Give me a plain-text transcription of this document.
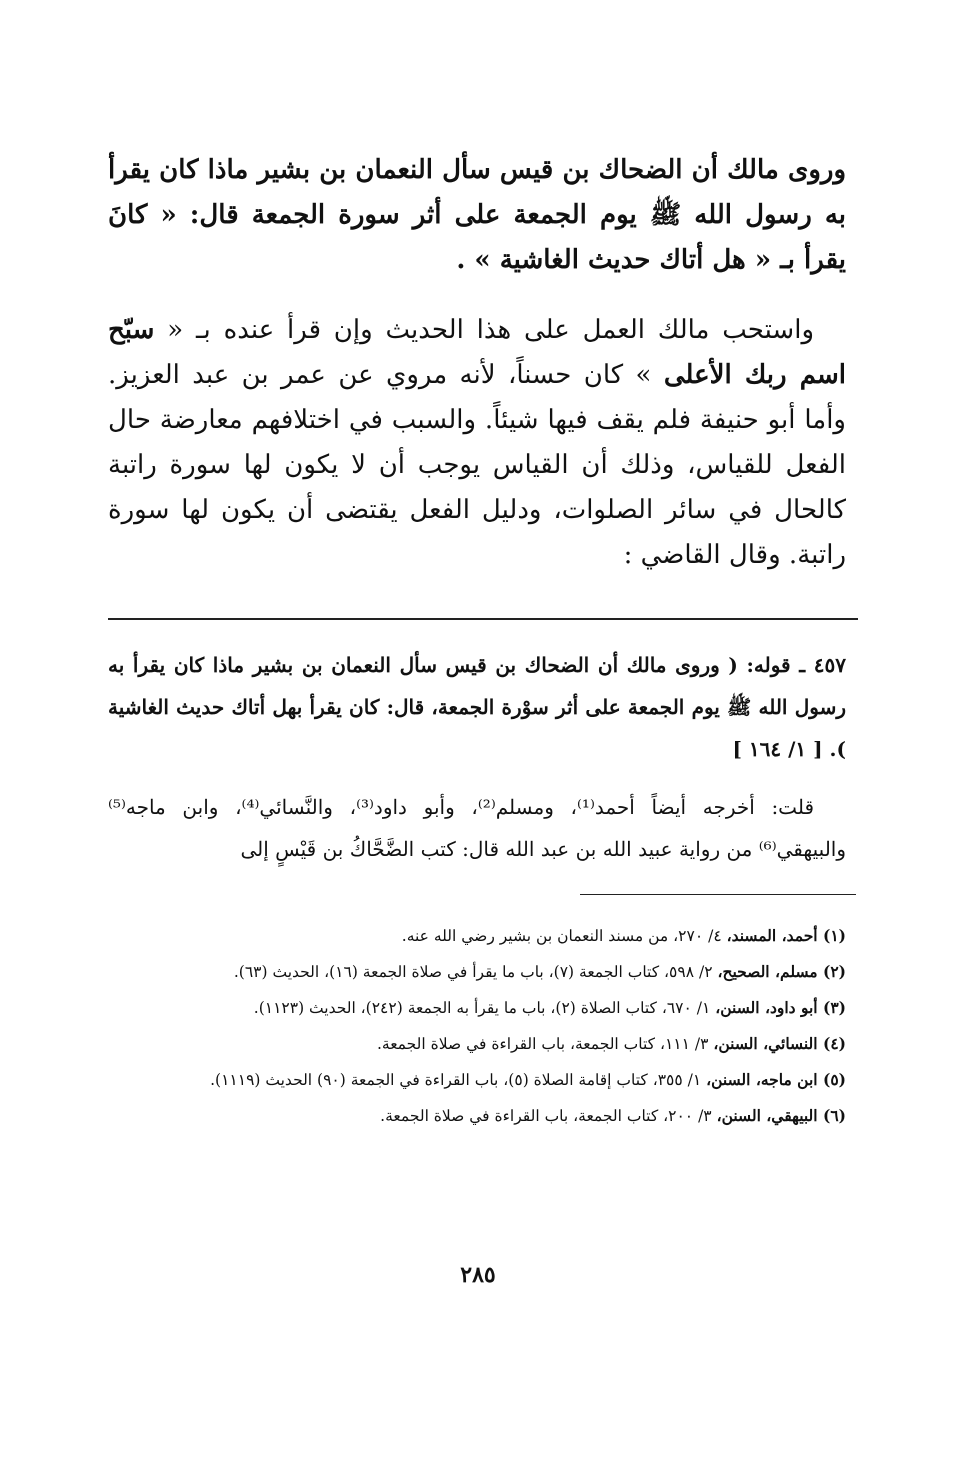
وروى مالك أن الضحاك بن قيس سأل النعمان بن بشير ماذا كان يقرأ به رسول الله ﷺ يوم الجمعة على أثر سورة الجمعة قال: « كانَ يقرأ بـ « هل أتاك حديث الغاشية » .

واستحب مالك العمل على هذا الحديث وإن قرأ عنده بـ « سبّح اسم ربك الأعلى » كان حسناً، لأنه مروي عن عمر بن عبد العزيز. وأما أبو حنيفة فلم يقف فيها شيئاً. والسبب في اختلافهم معارضة حال الفعل للقياس، وذلك أن القياس يوجب أن لا يكون لها سورة راتبة كالحال في سائر الصلوات، ودليل الفعل يقتضى أن يكون لها سورة راتبة. وقال القاضي :

٤٥٧ ـ قوله: ( وروى مالك أن الضحاك بن قيس سأل النعمان بن بشير ماذا كان يقرأ به رسول الله ﷺ يوم الجمعة على أثر سوْرة الجمعة، قال: كان يقرأ بهل أتاك حديث الغاشية ). [ ١/ ١٦٤ ]

قلت: أخرجه أيضاً أحمد⁽¹⁾، ومسلم⁽²⁾، وأبو داود⁽³⁾، والنَّسائي⁽⁴⁾، وابن ماجه⁽⁵⁾ والبيهقي⁽⁶⁾ من رواية عبيد الله بن عبد الله قال: كتب الضَّحَّاكُ بن قَيْسٍ إلى

(١) أحمد، المسند، ٤/ ٢٧٠، من مسند النعمان بن بشير رضي الله عنه.

(٢) مسلم، الصحيح، ٢/ ٥٩٨، كتاب الجمعة (٧)، باب ما يقرأ في صلاة الجمعة (١٦)، الحديث (٦٣).

(٣) أبو داود، السنن، ١/ ٦٧٠، كتاب الصلاة (٢)، باب ما يقرأ به الجمعة (٢٤٢)، الحديث (١١٢٣).

(٤) النسائي، السنن، ٣/ ١١١، كتاب الجمعة، باب القراءة في صلاة الجمعة.

(٥) ابن ماجه، السنن، ١/ ٣٥٥، كتاب إقامة الصلاة (٥)، باب القراءة في الجمعة (٩٠) الحديث (١١١٩).

(٦) البيهقي، السنن، ٣/ ٢٠٠، كتاب الجمعة، باب القراءة في صلاة الجمعة.

٢٨٥
